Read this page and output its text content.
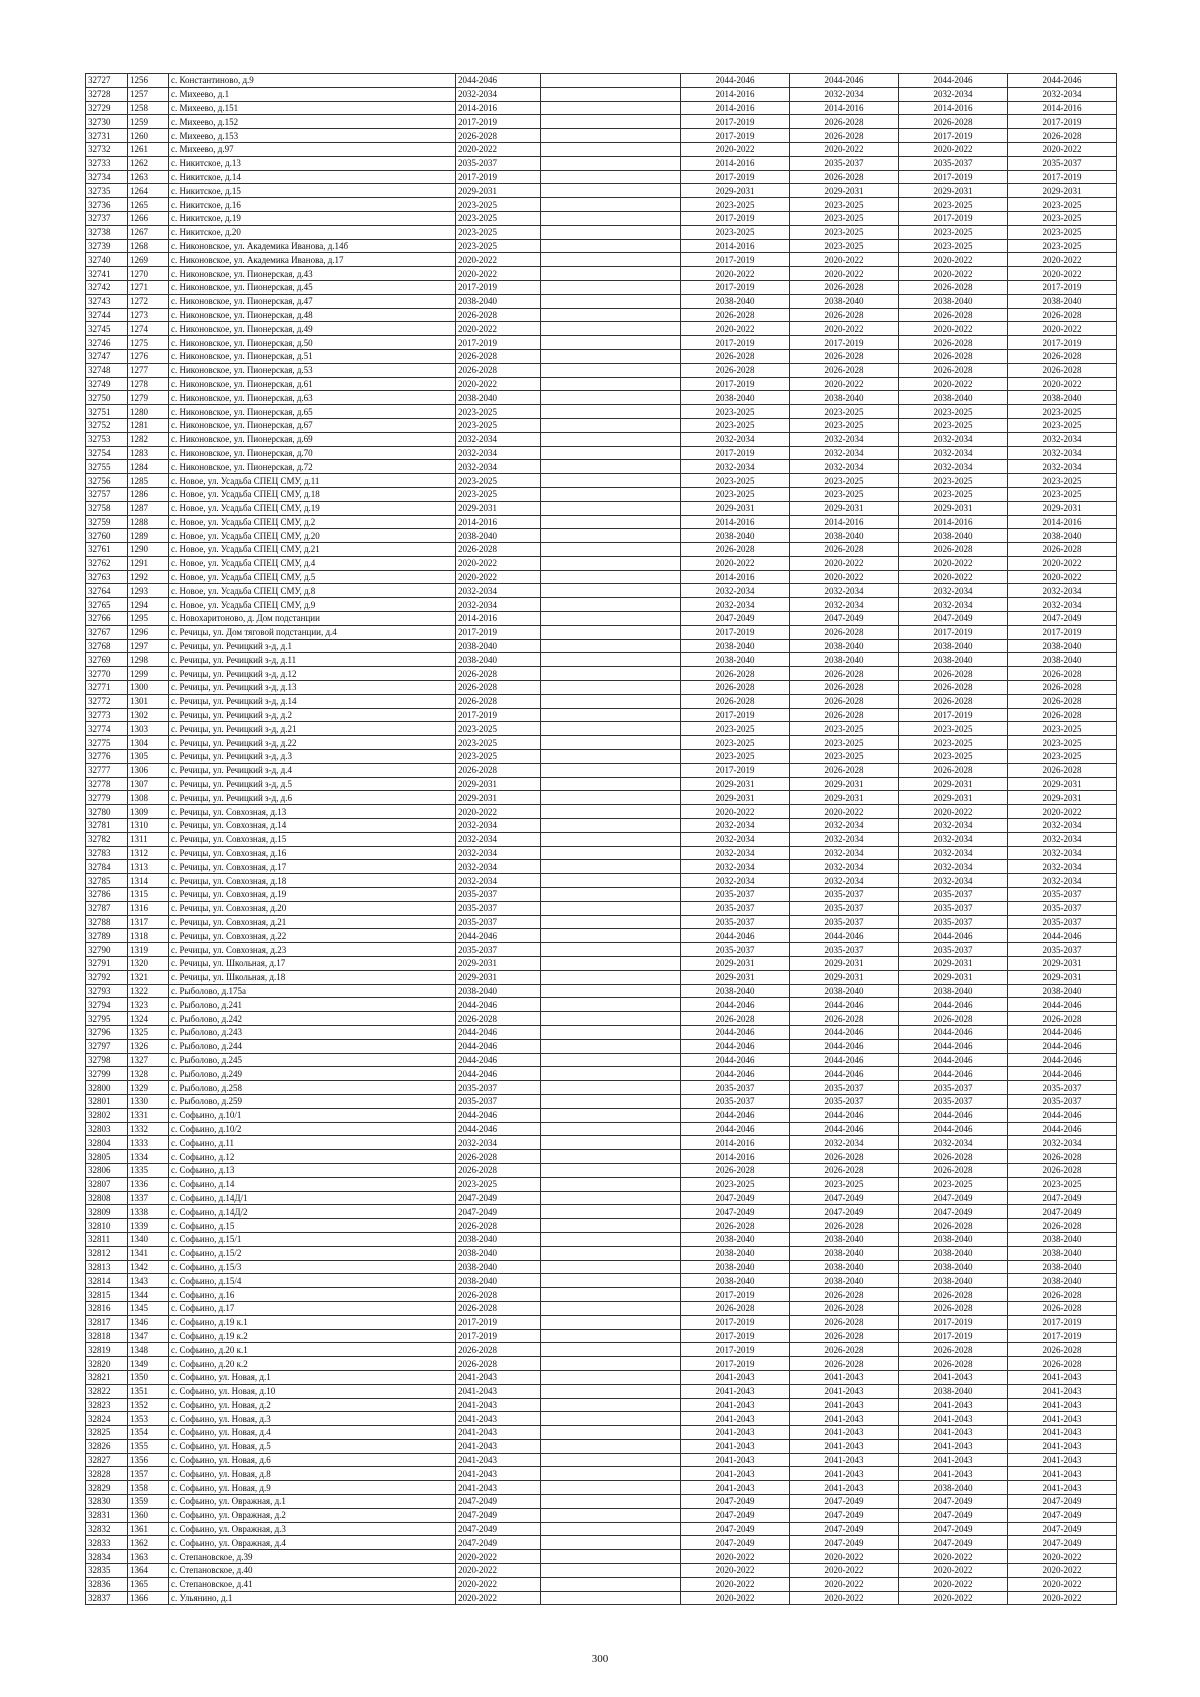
32727	1256	с. Константиново, д.9	2044-2046		2044-2046	2044-2046	2044-2046	2044-2046
32728	1257	с. Михеево, д.1	2032-2034		2014-2016	2032-2034	2032-2034	2032-2034
32729	1258	с. Михеево, д.151	2014-2016		2014-2016	2014-2016	2014-2016	2014-2016
32730	1259	с. Михеево, д.152	2017-2019		2017-2019	2026-2028	2026-2028	2017-2019
32731	1260	с. Михеево, д.153	2026-2028		2017-2019	2026-2028	2017-2019	2026-2028
32732	1261	с. Михеево, д.97	2020-2022		2020-2022	2020-2022	2020-2022	2020-2022
32733	1262	с. Никитское, д.13	2035-2037		2014-2016	2035-2037	2035-2037	2035-2037
32734	1263	с. Никитское, д.14	2017-2019		2017-2019	2026-2028	2017-2019	2017-2019
32735	1264	с. Никитское, д.15	2029-2031		2029-2031	2029-2031	2029-2031	2029-2031
32736	1265	с. Никитское, д.16	2023-2025		2023-2025	2023-2025	2023-2025	2023-2025
32737	1266	с. Никитское, д.19	2023-2025		2017-2019	2023-2025	2017-2019	2023-2025
32738	1267	с. Никитское, д.20	2023-2025		2023-2025	2023-2025	2023-2025	2023-2025
32739	1268	с. Никоновское, ул. Академика Иванова, д.14б	2023-2025		2014-2016	2023-2025	2023-2025	2023-2025
32740	1269	с. Никоновское, ул. Академика Иванова, д.17	2020-2022		2017-2019	2020-2022	2020-2022	2020-2022
32741	1270	с. Никоновское, ул. Пионерская, д.43	2020-2022		2020-2022	2020-2022	2020-2022	2020-2022
32742	1271	с. Никоновское, ул. Пионерская, д.45	2017-2019		2017-2019	2026-2028	2026-2028	2017-2019
32743	1272	с. Никоновское, ул. Пионерская, д.47	2038-2040		2038-2040	2038-2040	2038-2040	2038-2040
32744	1273	с. Никоновское, ул. Пионерская, д.48	2026-2028		2026-2028	2026-2028	2026-2028	2026-2028
32745	1274	с. Никоновское, ул. Пионерская, д.49	2020-2022		2020-2022	2020-2022	2020-2022	2020-2022
32746	1275	с. Никоновское, ул. Пионерская, д.50	2017-2019		2017-2019	2017-2019	2026-2028	2017-2019
32747	1276	с. Никоновское, ул. Пионерская, д.51	2026-2028		2026-2028	2026-2028	2026-2028	2026-2028
32748	1277	с. Никоновское, ул. Пионерская, д.53	2026-2028		2026-2028	2026-2028	2026-2028	2026-2028
32749	1278	с. Никоновское, ул. Пионерская, д.61	2020-2022		2017-2019	2020-2022	2020-2022	2020-2022
32750	1279	с. Никоновское, ул. Пионерская, д.63	2038-2040		2038-2040	2038-2040	2038-2040	2038-2040
32751	1280	с. Никоновское, ул. Пионерская, д.65	2023-2025		2023-2025	2023-2025	2023-2025	2023-2025
32752	1281	с. Никоновское, ул. Пионерская, д.67	2023-2025		2023-2025	2023-2025	2023-2025	2023-2025
32753	1282	с. Никоновское, ул. Пионерская, д.69	2032-2034		2032-2034	2032-2034	2032-2034	2032-2034
32754	1283	с. Никоновское, ул. Пионерская, д.70	2032-2034		2017-2019	2032-2034	2032-2034	2032-2034
32755	1284	с. Никоновское, ул. Пионерская, д.72	2032-2034		2032-2034	2032-2034	2032-2034	2032-2034
32756	1285	с. Новое, ул. Усадьба СПЕЦ СМУ, д.11	2023-2025		2023-2025	2023-2025	2023-2025	2023-2025
32757	1286	с. Новое, ул. Усадьба СПЕЦ СМУ, д.18	2023-2025		2023-2025	2023-2025	2023-2025	2023-2025
32758	1287	с. Новое, ул. Усадьба СПЕЦ СМУ, д.19	2029-2031		2029-2031	2029-2031	2029-2031	2029-2031
32759	1288	с. Новое, ул. Усадьба СПЕЦ СМУ, д.2	2014-2016		2014-2016	2014-2016	2014-2016	2014-2016
32760	1289	с. Новое, ул. Усадьба СПЕЦ СМУ, д.20	2038-2040		2038-2040	2038-2040	2038-2040	2038-2040
32761	1290	с. Новое, ул. Усадьба СПЕЦ СМУ, д.21	2026-2028		2026-2028	2026-2028	2026-2028	2026-2028
32762	1291	с. Новое, ул. Усадьба СПЕЦ СМУ, д.4	2020-2022		2020-2022	2020-2022	2020-2022	2020-2022
32763	1292	с. Новое, ул. Усадьба СПЕЦ СМУ, д.5	2020-2022		2014-2016	2020-2022	2020-2022	2020-2022
32764	1293	с. Новое, ул. Усадьба СПЕЦ СМУ, д.8	2032-2034		2032-2034	2032-2034	2032-2034	2032-2034
32765	1294	с. Новое, ул. Усадьба СПЕЦ СМУ, д.9	2032-2034		2032-2034	2032-2034	2032-2034	2032-2034
32766	1295	с. Новохаритоново, д. Дом подстанции	2014-2016		2047-2049	2047-2049	2047-2049	2047-2049
32767	1296	с. Речицы, ул. Дом тяговой подстанции, д.4	2017-2019		2017-2019	2026-2028	2017-2019	2017-2019
32768	1297	с. Речицы, ул. Речицкий з-д, д.1	2038-2040		2038-2040	2038-2040	2038-2040	2038-2040
32769	1298	с. Речицы, ул. Речицкий з-д, д.11	2038-2040		2038-2040	2038-2040	2038-2040	2038-2040
32770	1299	с. Речицы, ул. Речицкий з-д, д.12	2026-2028		2026-2028	2026-2028	2026-2028	2026-2028
32771	1300	с. Речицы, ул. Речицкий з-д, д.13	2026-2028		2026-2028	2026-2028	2026-2028	2026-2028
32772	1301	с. Речицы, ул. Речицкий з-д, д.14	2026-2028		2026-2028	2026-2028	2026-2028	2026-2028
32773	1302	с. Речицы, ул. Речицкий з-д, д.2	2017-2019		2017-2019	2026-2028	2017-2019	2026-2028
32774	1303	с. Речицы, ул. Речицкий з-д, д.21	2023-2025		2023-2025	2023-2025	2023-2025	2023-2025
32775	1304	с. Речицы, ул. Речицкий з-д, д.22	2023-2025		2023-2025	2023-2025	2023-2025	2023-2025
32776	1305	с. Речицы, ул. Речицкий з-д, д.3	2023-2025		2023-2025	2023-2025	2023-2025	2023-2025
32777	1306	с. Речицы, ул. Речицкий з-д, д.4	2026-2028		2017-2019	2026-2028	2026-2028	2026-2028
32778	1307	с. Речицы, ул. Речицкий з-д, д.5	2029-2031		2029-2031	2029-2031	2029-2031	2029-2031
32779	1308	с. Речицы, ул. Речицкий з-д, д.6	2029-2031		2029-2031	2029-2031	2029-2031	2029-2031
32780	1309	с. Речицы, ул. Совхозная, д.13	2020-2022		2020-2022	2020-2022	2020-2022	2020-2022
32781	1310	с. Речицы, ул. Совхозная, д.14	2032-2034		2032-2034	2032-2034	2032-2034	2032-2034
32782	1311	с. Речицы, ул. Совхозная, д.15	2032-2034		2032-2034	2032-2034	2032-2034	2032-2034
32783	1312	с. Речицы, ул. Совхозная, д.16	2032-2034		2032-2034	2032-2034	2032-2034	2032-2034
32784	1313	с. Речицы, ул. Совхозная, д.17	2032-2034		2032-2034	2032-2034	2032-2034	2032-2034
32785	1314	с. Речицы, ул. Совхозная, д.18	2032-2034		2032-2034	2032-2034	2032-2034	2032-2034
32786	1315	с. Речицы, ул. Совхозная, д.19	2035-2037		2035-2037	2035-2037	2035-2037	2035-2037
32787	1316	с. Речицы, ул. Совхозная, д.20	2035-2037		2035-2037	2035-2037	2035-2037	2035-2037
32788	1317	с. Речицы, ул. Совхозная, д.21	2035-2037		2035-2037	2035-2037	2035-2037	2035-2037
32789	1318	с. Речицы, ул. Совхозная, д.22	2044-2046		2044-2046	2044-2046	2044-2046	2044-2046
32790	1319	с. Речицы, ул. Совхозная, д.23	2035-2037		2035-2037	2035-2037	2035-2037	2035-2037
32791	1320	с. Речицы, ул. Школьная, д.17	2029-2031		2029-2031	2029-2031	2029-2031	2029-2031
32792	1321	с. Речицы, ул. Школьная, д.18	2029-2031		2029-2031	2029-2031	2029-2031	2029-2031
32793	1322	с. Рыболово, д.175а	2038-2040		2038-2040	2038-2040	2038-2040	2038-2040
32794	1323	с. Рыболово, д.241	2044-2046		2044-2046	2044-2046	2044-2046	2044-2046
32795	1324	с. Рыболово, д.242	2026-2028		2026-2028	2026-2028	2026-2028	2026-2028
32796	1325	с. Рыболово, д.243	2044-2046		2044-2046	2044-2046	2044-2046	2044-2046
32797	1326	с. Рыболово, д.244	2044-2046		2044-2046	2044-2046	2044-2046	2044-2046
32798	1327	с. Рыболово, д.245	2044-2046		2044-2046	2044-2046	2044-2046	2044-2046
32799	1328	с. Рыболово, д.249	2044-2046		2044-2046	2044-2046	2044-2046	2044-2046
32800	1329	с. Рыболово, д.258	2035-2037		2035-2037	2035-2037	2035-2037	2035-2037
32801	1330	с. Рыболово, д.259	2035-2037		2035-2037	2035-2037	2035-2037	2035-2037
32802	1331	с. Софьино, д.10/1	2044-2046		2044-2046	2044-2046	2044-2046	2044-2046
32803	1332	с. Софьино, д.10/2	2044-2046		2044-2046	2044-2046	2044-2046	2044-2046
32804	1333	с. Софьино, д.11	2032-2034		2014-2016	2032-2034	2032-2034	2032-2034
32805	1334	с. Софьино, д.12	2026-2028		2014-2016	2026-2028	2026-2028	2026-2028
32806	1335	с. Софьино, д.13	2026-2028		2026-2028	2026-2028	2026-2028	2026-2028
32807	1336	с. Софьино, д.14	2023-2025		2023-2025	2023-2025	2023-2025	2023-2025
32808	1337	с. Софьино, д.14Д/1	2047-2049		2047-2049	2047-2049	2047-2049	2047-2049
32809	1338	с. Софьино, д.14Д/2	2047-2049		2047-2049	2047-2049	2047-2049	2047-2049
32810	1339	с. Софьино, д.15	2026-2028		2026-2028	2026-2028	2026-2028	2026-2028
32811	1340	с. Софьино, д.15/1	2038-2040		2038-2040	2038-2040	2038-2040	2038-2040
32812	1341	с. Софьино, д.15/2	2038-2040		2038-2040	2038-2040	2038-2040	2038-2040
32813	1342	с. Софьино, д.15/3	2038-2040		2038-2040	2038-2040	2038-2040	2038-2040
32814	1343	с. Софьино, д.15/4	2038-2040		2038-2040	2038-2040	2038-2040	2038-2040
32815	1344	с. Софьино, д.16	2026-2028		2017-2019	2026-2028	2026-2028	2026-2028
32816	1345	с. Софьино, д.17	2026-2028		2026-2028	2026-2028	2026-2028	2026-2028
32817	1346	с. Софьино, д.19 к.1	2017-2019		2017-2019	2026-2028	2017-2019	2017-2019
32818	1347	с. Софьино, д.19 к.2	2017-2019		2017-2019	2026-2028	2017-2019	2017-2019
32819	1348	с. Софьино, д.20 к.1	2026-2028		2017-2019	2026-2028	2026-2028	2026-2028
32820	1349	с. Софьино, д.20 к.2	2026-2028		2017-2019	2026-2028	2026-2028	2026-2028
32821	1350	с. Софьино, ул. Новая, д.1	2041-2043		2041-2043	2041-2043	2041-2043	2041-2043
32822	1351	с. Софьино, ул. Новая, д.10	2041-2043		2041-2043	2041-2043	2038-2040	2041-2043
32823	1352	с. Софьино, ул. Новая, д.2	2041-2043		2041-2043	2041-2043	2041-2043	2041-2043
32824	1353	с. Софьино, ул. Новая, д.3	2041-2043		2041-2043	2041-2043	2041-2043	2041-2043
32825	1354	с. Софьино, ул. Новая, д.4	2041-2043		2041-2043	2041-2043	2041-2043	2041-2043
32826	1355	с. Софьино, ул. Новая, д.5	2041-2043		2041-2043	2041-2043	2041-2043	2041-2043
32827	1356	с. Софьино, ул. Новая, д.6	2041-2043		2041-2043	2041-2043	2041-2043	2041-2043
32828	1357	с. Софьино, ул. Новая, д.8	2041-2043		2041-2043	2041-2043	2041-2043	2041-2043
32829	1358	с. Софьино, ул. Новая, д.9	2041-2043		2041-2043	2041-2043	2038-2040	2041-2043
32830	1359	с. Софьино, ул. Овражная, д.1	2047-2049		2047-2049	2047-2049	2047-2049	2047-2049
32831	1360	с. Софьино, ул. Овражная, д.2	2047-2049		2047-2049	2047-2049	2047-2049	2047-2049
32832	1361	с. Софьино, ул. Овражная, д.3	2047-2049		2047-2049	2047-2049	2047-2049	2047-2049
32833	1362	с. Софьино, ул. Овражная, д.4	2047-2049		2047-2049	2047-2049	2047-2049	2047-2049
32834	1363	с. Степановское, д.39	2020-2022		2020-2022	2020-2022	2020-2022	2020-2022
32835	1364	с. Степановское, д.40	2020-2022		2020-2022	2020-2022	2020-2022	2020-2022
32836	1365	с. Степановское, д.41	2020-2022		2020-2022	2020-2022	2020-2022	2020-2022
32837	1366	с. Ульянино, д.1	2020-2022		2020-2022	2020-2022	2020-2022	2020-2022
300
